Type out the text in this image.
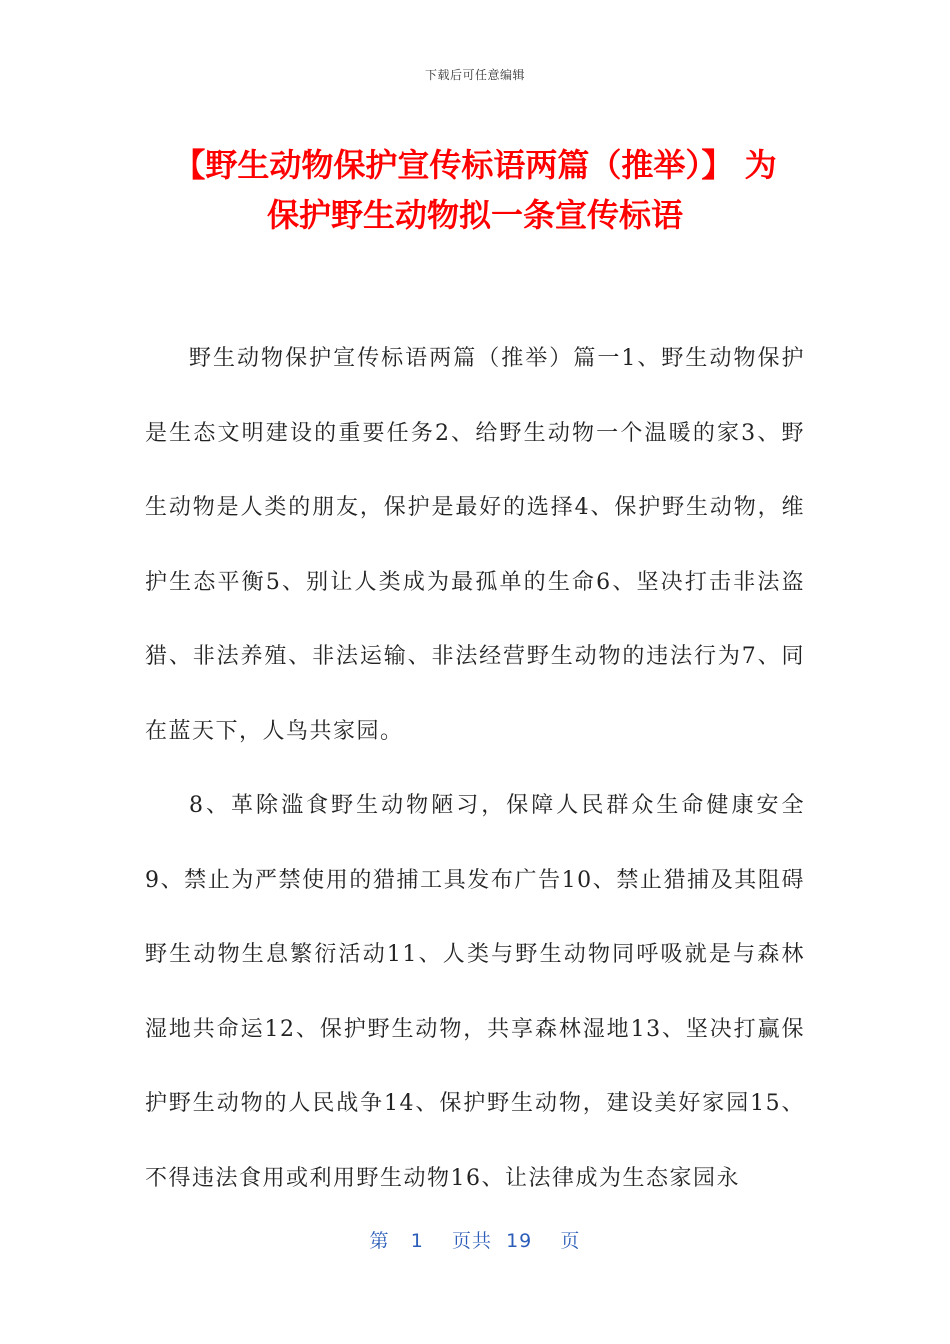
下载后可任意编辑
【野生动物保护宣传标语两篇（推举）】 为
保护野生动物拟一条宣传标语

野生动物保护宣传标语两篇（推举）篇一1、野生动物保护是生态文明建设的重要任务2、给野生动物一个温暖的家3、野生动物是人类的朋友，保护是最好的选择4、保护野生动物，维护生态平衡5、别让人类成为最孤单的生命6、坚决打击非法盗猎、非法养殖、非法运输、非法经营野生动物的违法行为7、同在蓝天下，人鸟共家园。

8、革除滥食野生动物陋习，保障人民群众生命健康安全9、禁止为严禁使用的猎捕工具发布广告10、禁止猎捕及其阻碍野生动物生息繁衍活动11、人类与野生动物同呼吸就是与森林湿地共命运12、保护野生动物，共享森林湿地13、坚决打赢保护野生动物的人民战争14、保护野生动物，建设美好家园15、不得违法食用或利用野生动物16、让法律成为生态家园永

第 1 页共 19 页
